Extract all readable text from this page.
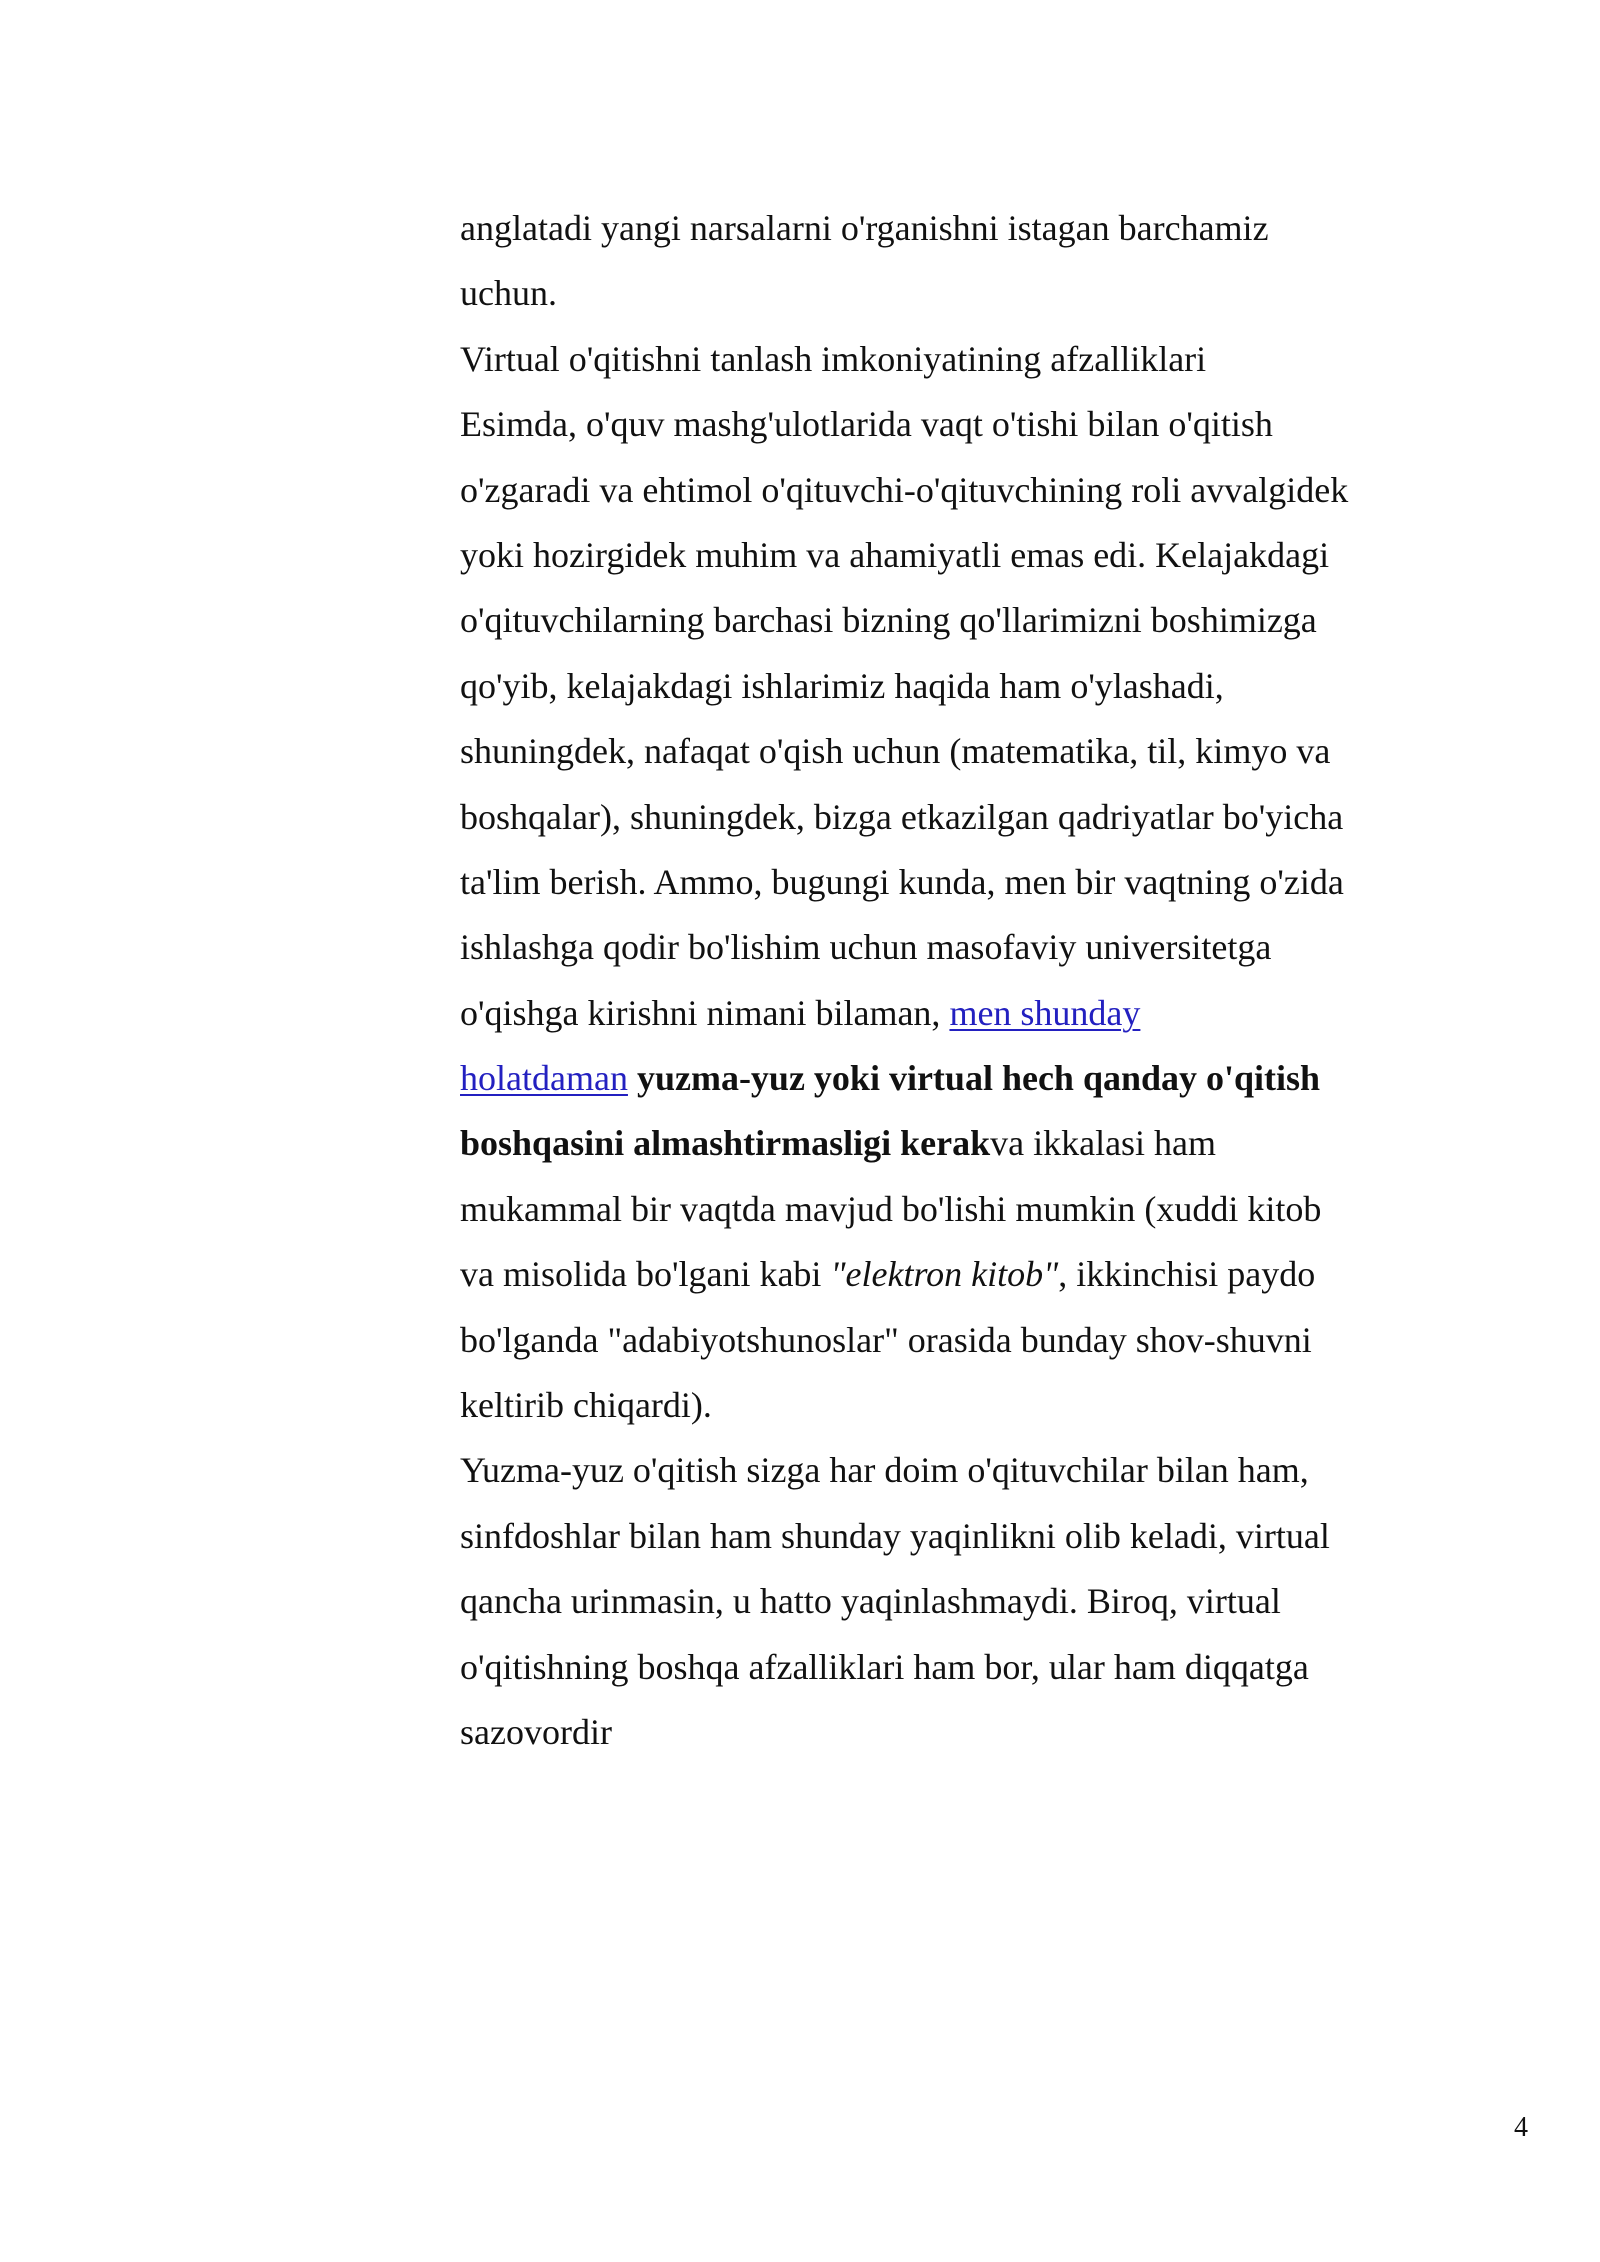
anglatadi yangi narsalarni o'rganishni istagan barchamiz
uchun.
Virtual o'qitishni tanlash imkoniyatining afzalliklari
Esimda, o'quv mashg'ulotlarida vaqt o'tishi bilan o'qitish
o'zgaradi va ehtimol o'qituvchi-o'qituvchining roli avvalgidek
yoki hozirgidek muhim va ahamiyatli emas edi. Kelajakdagi
o'qituvchilarning barchasi bizning qo'llarimizni boshimizga
qo'yib, kelajakdagi ishlarimiz haqida ham o'ylashadi,
shuningdek, nafaqat o'qish uchun (matematika, til, kimyo va
boshqalar), shuningdek, bizga etkazilgan qadriyatlar bo'yicha
ta'lim berish. Ammo, bugungi kunda, men bir vaqtning o'zida
ishlashga qodir bo'lishim uchun masofaviy universitetga
o'qishga kirishni nimani bilaman, men shunday
holatdaman yuzma-yuz yoki virtual hech qanday o'qitish
boshqasini almashtirmasligi kerakva ikkalasi ham
mukammal bir vaqtda mavjud bo'lishi mumkin (xuddi kitob
va misolida bo'lgani kabi "elektron kitob", ikkinchisi paydo
bo'lganda "adabiyotshunoslar" orasida bunday shov-shuvni
keltirib chiqardi).
Yuzma-yuz o'qitish sizga har doim o'qituvchilar bilan ham,
sinfdoshlar bilan ham shunday yaqinlikni olib keladi, virtual
qancha urinmasin, u hatto yaqinlashmaydi. Biroq, virtual
o'qitishning boshqa afzalliklari ham bor, ular ham diqqatga
sazovordir
4
